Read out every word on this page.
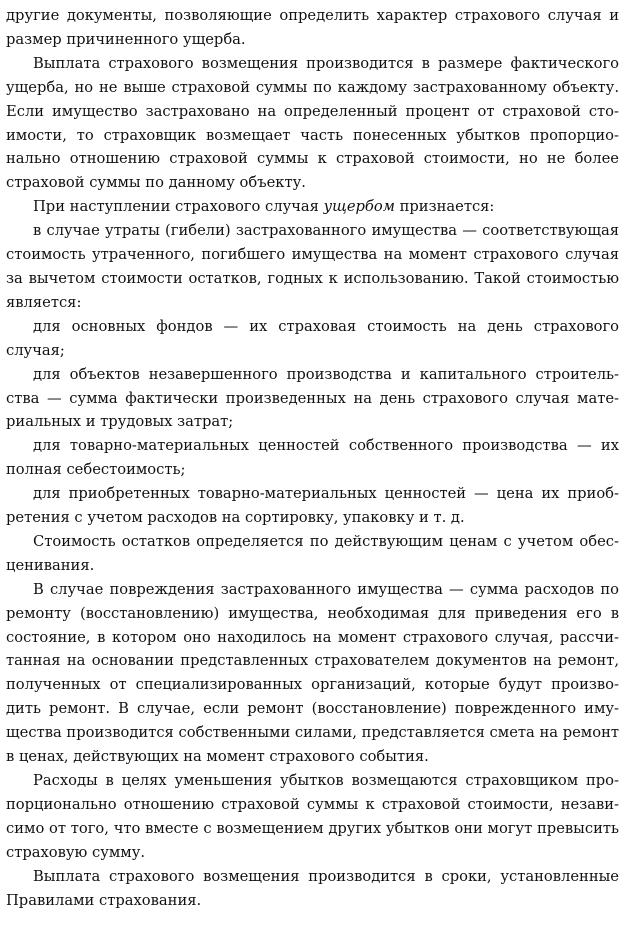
другие документы, позволяющие определить характер страхового случая и размер причиненного ущерба.

Выплата страхового возмещения производится в размере фактического ущерба, но не выше страховой суммы по каждому застрахованному объекту. Если имущество застраховано на определенный процент от страховой стоимости, то страховщик возмещает часть понесенных убытков пропорционально отношению страховой суммы к страховой стоимости, но не более страховой суммы по данному объекту.

При наступлении страхового случая ущербом признается:

в случае утраты (гибели) застрахованного имущества — соответствующая стоимость утраченного, погибшего имущества на момент страхового случая за вычетом стоимости остатков, годных к использованию. Такой стоимостью является:

для основных фондов — их страховая стоимость на день страхового случая;

для объектов незавершенного производства и капитального строительства — сумма фактически произведенных на день страхового случая материальных и трудовых затрат;

для товарно-материальных ценностей собственного производства — их полная себестоимость;

для приобретенных товарно-материальных ценностей — цена их приобретения с учетом расходов на сортировку, упаковку и т. д.

Стоимость остатков определяется по действующим ценам с учетом обесценивания.

В случае повреждения застрахованного имущества — сумма расходов по ремонту (восстановлению) имущества, необходимая для приведения его в состояние, в котором оно находилось на момент страхового случая, рассчитанная на основании представленных страхователем документов на ремонт, полученных от специализированных организаций, которые будут производить ремонт. В случае, если ремонт (восстановление) поврежденного имущества производится собственными силами, представляется смета на ремонт в ценах, действующих на момент страхового события.

Расходы в целях уменьшения убытков возмещаются страховщиком пропорционально отношению страховой суммы к страховой стоимости, независимо от того, что вместе с возмещением других убытков они могут превысить страховую сумму.

Выплата страхового возмещения производится в сроки, установленные Правилами страхования.
